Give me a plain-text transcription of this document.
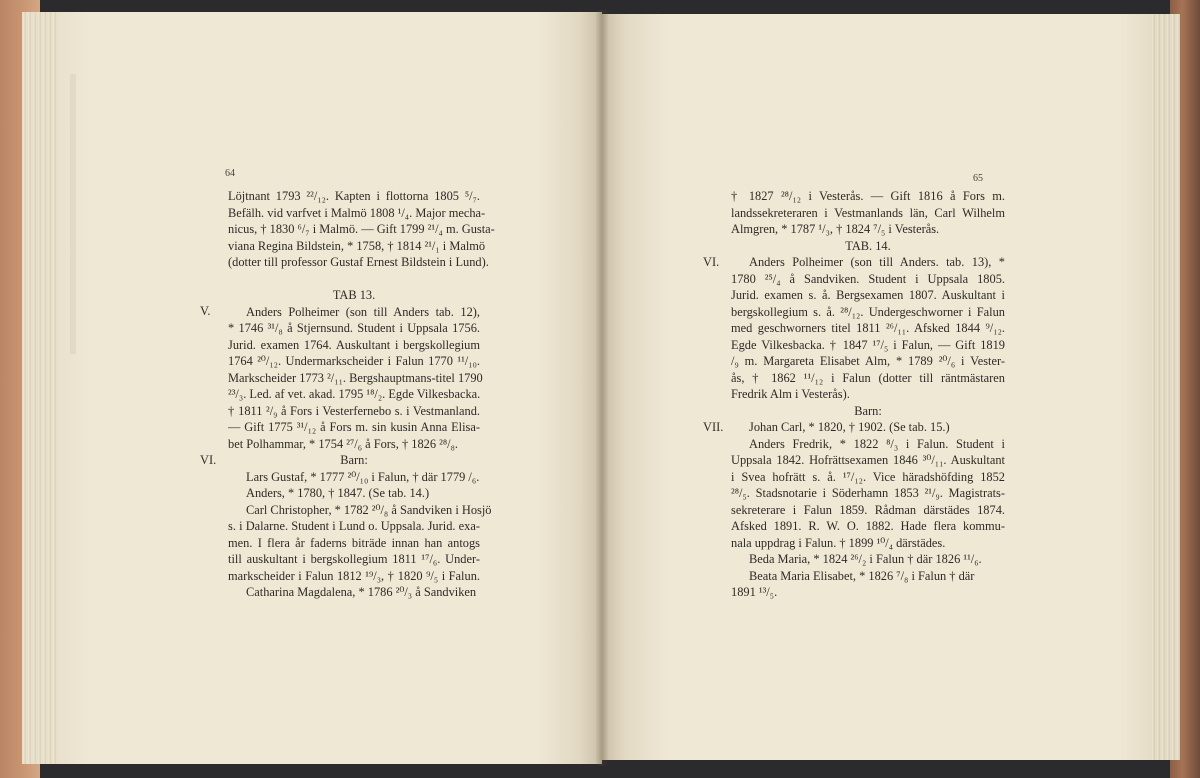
64
Löjtnant 1793 ²²/₁₂. Kapten i flottorna 1805 ⁵/₇.
Befälh. vid varfvet i Malmö 1808 ¹/₄. Major mecha-
nicus, † 1830 ⁶/₇ i Malmö. — Gift 1799 ²¹/₄ m. Gusta-
viana Regina Bildstein, * 1758, † 1814 ²¹/₁ i Malmö
(dotter till professor Gustaf Ernest Bildstein i Lund).

TAB 13.
Anders Polheimer (son till Anders tab. 12),
* 1746 ³¹/₈ å Stjernsund. Student i Uppsala 1756.
Jurid. examen 1764. Auskultant i bergskollegium
1764 ²⁰/₁₂. Undermarkscheider i Falun 1770 ¹¹/₁₀.
Markscheider 1773 ²/₁₁. Bergshauptmans-titel 1790
²³/₃. Led. af vet. akad. 1795 ¹⁸/₂. Egde Vilkesbacka.
† 1811 ²/₉ å Fors i Vesterfernebo s. i Vestmanland.
— Gift 1775 ³¹/₁₂ å Fors m. sin kusin Anna Elisa-
bet Polhammar, * 1754 ²⁷/₆ å Fors, † 1826 ²⁸/₈.
Barn:
Lars Gustaf, * 1777 ²⁰/₁₀ i Falun, † där 1779 /₆.
Anders, * 1780, † 1847. (Se tab. 14.)
Carl Christopher, * 1782 ²⁰/₈ å Sandviken i Hosjö
s. i Dalarne. Student i Lund o. Uppsala. Jurid. exa-
men. I flera år faderns biträde innan han antogs
till auskultant i bergskollegium 1811 ¹⁷/₆. Under-
markscheider i Falun 1812 ¹⁹/₃, † 1820 ⁹/₅ i Falun.
Catharina Magdalena, * 1786 ²⁰/₃ å Sandviken
V.
VI.
65
† 1827 ²⁸/₁₂ i Vesterås. — Gift 1816 å Fors m.
landssekreteraren i Vestmanlands län, Carl Wilhelm
Almgren, * 1787 ¹/₃, † 1824 ⁷/₅ i Vesterås.
TAB. 14.
Anders Polheimer (son till Anders. tab. 13), *
1780 ²⁵/₄ å Sandviken. Student i Uppsala 1805.
Jurid. examen s. å. Bergsexamen 1807. Auskultant i
bergskollegium s. å. ²⁸/₁₂. Undergeschworner i Falun
med geschworners titel 1811 ²⁶/₁₁. Afsked 1844 ⁹/₁₂.
Egde Vilkesbacka. † 1847 ¹⁷/₅ i Falun, — Gift 1819
/₉ m. Margareta Elisabet Alm, * 1789 ²⁰/₆ i Vester-
ås, † 1862 ¹¹/₁₂ i Falun (dotter till räntmästaren
Fredrik Alm i Vesterås).
Barn:
Johan Carl, * 1820, † 1902. (Se tab. 15.)
Anders Fredrik, * 1822 ⁸/₃ i Falun. Student i
Uppsala 1842. Hofrättsexamen 1846 ³⁰/₁₁. Auskultant
i Svea hofrätt s. å. ¹⁷/₁₂. Vice häradshöfding 1852
²⁸/₅. Stadsnotarie i Söderhamn 1853 ²¹/₉. Magistrats-
sekreterare i Falun 1859. Rådman därstädes 1874.
Afsked 1891. R. W. O. 1882. Hade flera kommu-
nala uppdrag i Falun. † 1899 ¹⁰/₄ därstädes.
Beda Maria, * 1824 ²⁶/₂ i Falun † där 1826 ¹¹/₆.
Beata Maria Elisabet, * 1826 ⁷/₈ i Falun † där
1891 ¹³/₅.
VI.
VII.
